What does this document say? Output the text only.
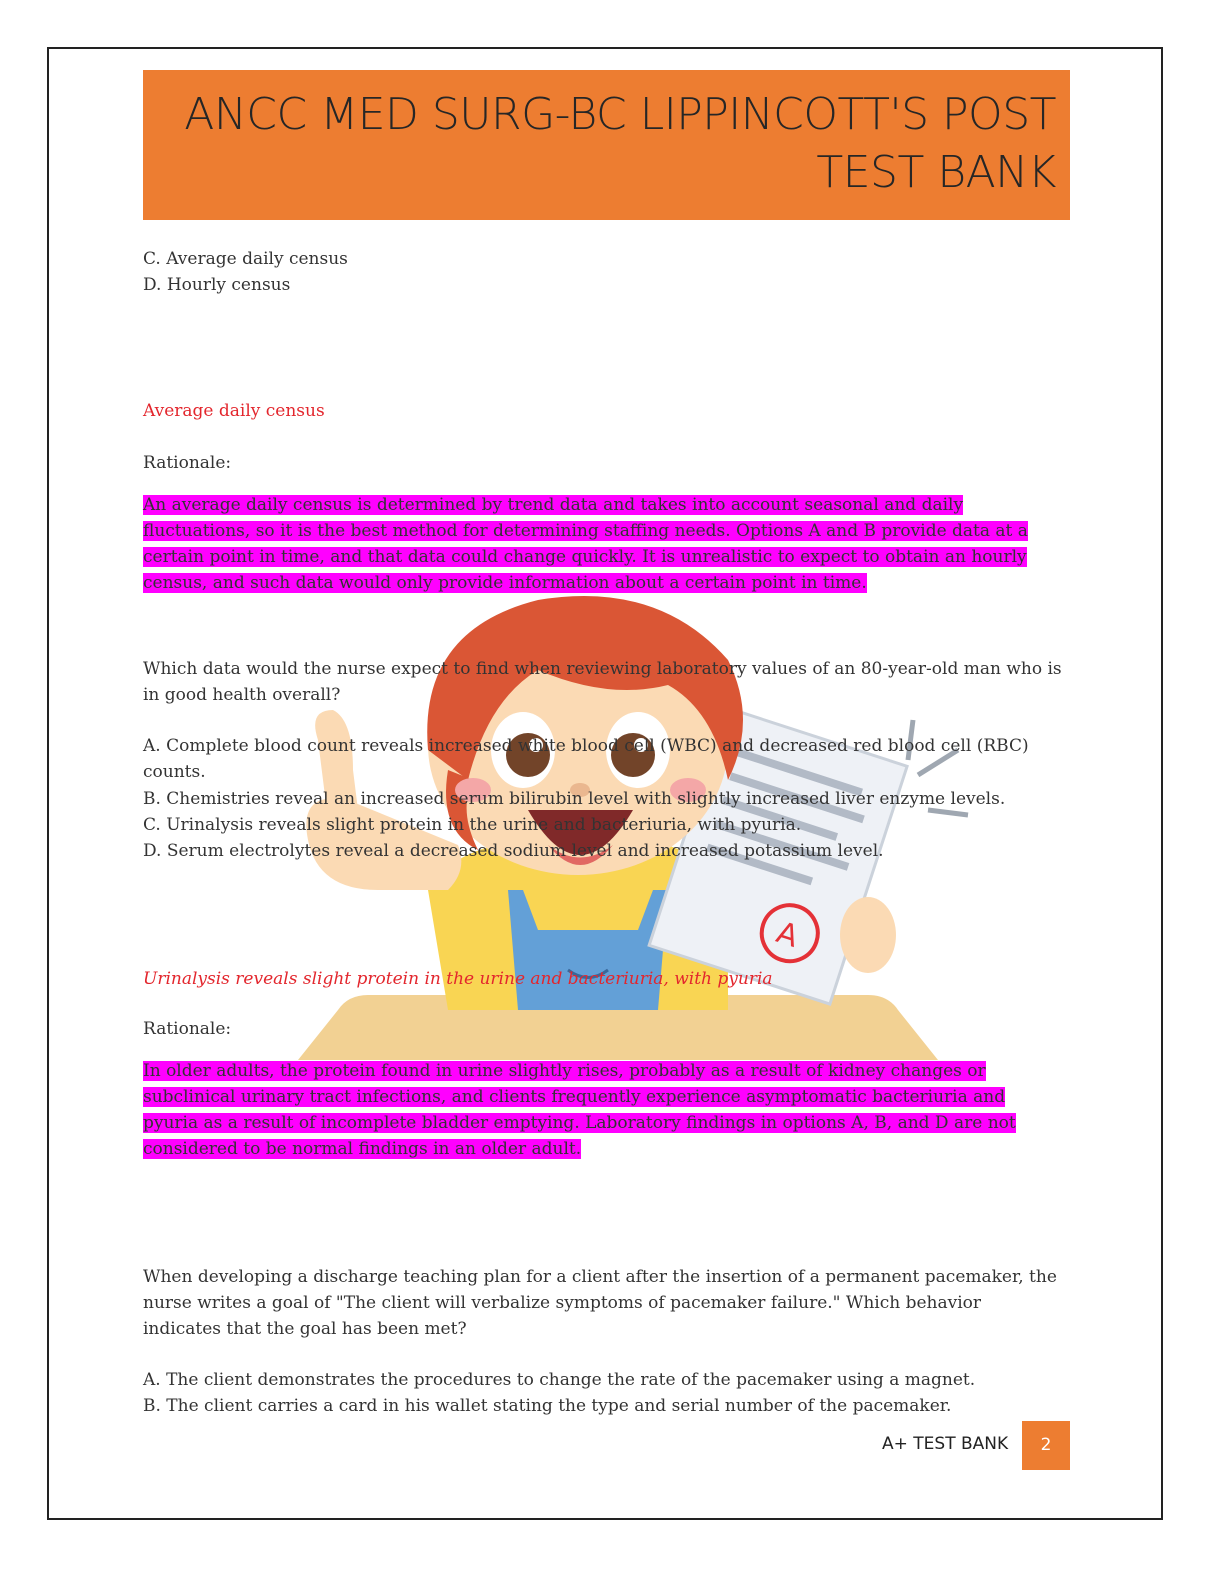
ANCC MED SURG-BC LIPPINCOTT'S POST

TEST BANK

A

C. Average daily census

D. Hourly census

Average daily census

Rationale:

An average daily census is determined by trend data and takes into account seasonal and daily fluctuations, so it is the best method for determining staffing needs. Options A and B provide data at a certain point in time, and that data could change quickly. It is unrealistic to expect to obtain an hourly census, and such data would only provide information about a certain point in time.

Which data would the nurse expect to find when reviewing laboratory values of an 80-year-old man who is in good health overall?

A. Complete blood count reveals increased white blood cell (WBC) and decreased red blood cell (RBC) counts.

B. Chemistries reveal an increased serum bilirubin level with slightly increased liver enzyme levels.

C. Urinalysis reveals slight protein in the urine and bacteriuria, with pyuria.

D. Serum electrolytes reveal a decreased sodium level and increased potassium level.

Urinalysis reveals slight protein in the urine and bacteriuria, with pyuria

Rationale:

In older adults, the protein found in urine slightly rises, probably as a result of kidney changes or subclinical urinary tract infections, and clients frequently experience asymptomatic bacteriuria and pyuria as a result of incomplete bladder emptying. Laboratory findings in options A, B, and D are not considered to be normal findings in an older adult.

When developing a discharge teaching plan for a client after the insertion of a permanent pacemaker, the nurse writes a goal of "The client will verbalize symptoms of pacemaker failure." Which behavior indicates that the goal has been met?

A. The client demonstrates the procedures to change the rate of the pacemaker using a magnet.

B. The client carries a card in his wallet stating the type and serial number of the pacemaker.

A+ TEST BANK	2
